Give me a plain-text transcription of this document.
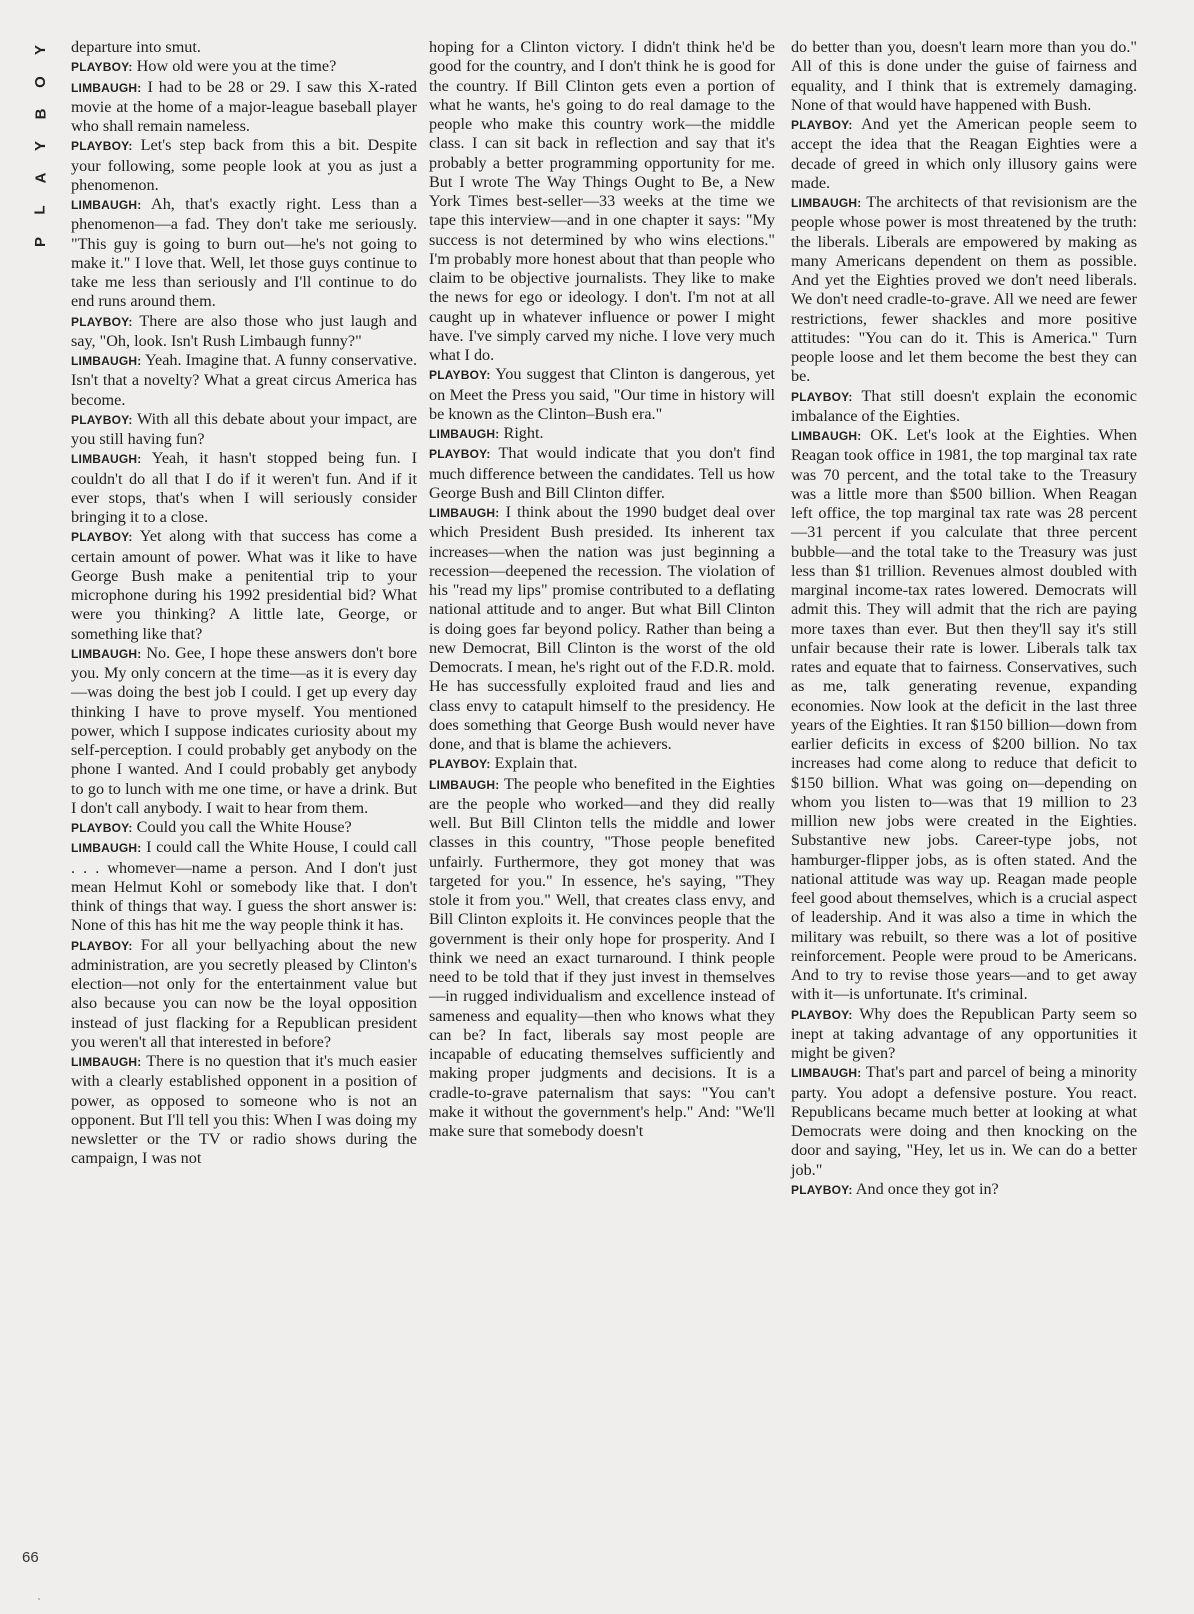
Y
O
B
Y
A
L
P
66

departure into smut.

PLAYBOY: How old were you at the time?

LIMBAUGH: I had to be 28 or 29. I saw this X-rated movie at the home of a major-league baseball player who shall remain nameless.

PLAYBOY: Let's step back from this a bit. Despite your following, some people look at you as just a phenomenon.

LIMBAUGH: Ah, that's exactly right. Less than a phenomenon—a fad. They don't take me seriously. "This guy is going to burn out—he's not going to make it." I love that. Well, let those guys continue to take me less than seriously and I'll continue to do end runs around them.

PLAYBOY: There are also those who just laugh and say, "Oh, look. Isn't Rush Limbaugh funny?"

LIMBAUGH: Yeah. Imagine that. A funny conservative. Isn't that a novelty? What a great circus America has become.

PLAYBOY: With all this debate about your impact, are you still having fun?

LIMBAUGH: Yeah, it hasn't stopped being fun. I couldn't do all that I do if it weren't fun. And if it ever stops, that's when I will seriously consider bringing it to a close.

PLAYBOY: Yet along with that success has come a certain amount of power. What was it like to have George Bush make a penitential trip to your microphone during his 1992 presidential bid? What were you thinking? A little late, George, or something like that?

LIMBAUGH: No. Gee, I hope these answers don't bore you. My only concern at the time—as it is every day—was doing the best job I could. I get up every day thinking I have to prove myself. You mentioned power, which I suppose indicates curiosity about my self-perception. I could probably get anybody on the phone I wanted. And I could probably get anybody to go to lunch with me one time, or have a drink. But I don't call anybody. I wait to hear from them.

PLAYBOY: Could you call the White House?

LIMBAUGH: I could call the White House, I could call . . . whomever—name a person. And I don't just mean Helmut Kohl or somebody like that. I don't think of things that way. I guess the short answer is: None of this has hit me the way people think it has.

PLAYBOY: For all your bellyaching about the new administration, are you secretly pleased by Clinton's election—not only for the entertainment value but also because you can now be the loyal opposition instead of just flacking for a Republican president you weren't all that interested in before?

LIMBAUGH: There is no question that it's much easier with a clearly established opponent in a position of power, as opposed to someone who is not an opponent. But I'll tell you this: When I was doing my newsletter or the TV or radio shows during the campaign, I was not

hoping for a Clinton victory. I didn't think he'd be good for the country, and I don't think he is good for the country. If Bill Clinton gets even a portion of what he wants, he's going to do real damage to the people who make this country work—the middle class. I can sit back in reflection and say that it's probably a better programming opportunity for me. But I wrote The Way Things Ought to Be, a New York Times best-seller—33 weeks at the time we tape this interview—and in one chapter it says: "My success is not determined by who wins elections." I'm probably more honest about that than people who claim to be objective journalists. They like to make the news for ego or ideology. I don't. I'm not at all caught up in whatever influence or power I might have. I've simply carved my niche. I love very much what I do.

PLAYBOY: You suggest that Clinton is dangerous, yet on Meet the Press you said, "Our time in history will be known as the Clinton–Bush era."

LIMBAUGH: Right.

PLAYBOY: That would indicate that you don't find much difference between the candidates. Tell us how George Bush and Bill Clinton differ.

LIMBAUGH: I think about the 1990 budget deal over which President Bush presided. Its inherent tax increases—when the nation was just beginning a recession—deepened the recession. The violation of his "read my lips" promise contributed to a deflating national attitude and to anger. But what Bill Clinton is doing goes far beyond policy. Rather than being a new Democrat, Bill Clinton is the worst of the old Democrats. I mean, he's right out of the F.D.R. mold. He has successfully exploited fraud and lies and class envy to catapult himself to the presidency. He does something that George Bush would never have done, and that is blame the achievers.

PLAYBOY: Explain that.

LIMBAUGH: The people who benefited in the Eighties are the people who worked—and they did really well. But Bill Clinton tells the middle and lower classes in this country, "Those people benefited unfairly. Furthermore, they got money that was targeted for you." In essence, he's saying, "They stole it from you." Well, that creates class envy, and Bill Clinton exploits it. He convinces people that the government is their only hope for prosperity. And I think we need an exact turnaround. I think people need to be told that if they just invest in themselves—in rugged individualism and excellence instead of sameness and equality—then who knows what they can be? In fact, liberals say most people are incapable of educating themselves sufficiently and making proper judgments and decisions. It is a cradle-to-grave paternalism that says: "You can't make it without the government's help." And: "We'll make sure that somebody doesn't

do better than you, doesn't learn more than you do." All of this is done under the guise of fairness and equality, and I think that is extremely damaging. None of that would have happened with Bush.

PLAYBOY: And yet the American people seem to accept the idea that the Reagan Eighties were a decade of greed in which only illusory gains were made.

LIMBAUGH: The architects of that revisionism are the people whose power is most threatened by the truth: the liberals. Liberals are empowered by making as many Americans dependent on them as possible. And yet the Eighties proved we don't need liberals. We don't need cradle-to-grave. All we need are fewer restrictions, fewer shackles and more positive attitudes: "You can do it. This is America." Turn people loose and let them become the best they can be.

PLAYBOY: That still doesn't explain the economic imbalance of the Eighties.

LIMBAUGH: OK. Let's look at the Eighties. When Reagan took office in 1981, the top marginal tax rate was 70 percent, and the total take to the Treasury was a little more than $500 billion. When Reagan left office, the top marginal tax rate was 28 percent—31 percent if you calculate that three percent bubble—and the total take to the Treasury was just less than $1 trillion. Revenues almost doubled with marginal income-tax rates lowered. Democrats will admit this. They will admit that the rich are paying more taxes than ever. But then they'll say it's still unfair because their rate is lower. Liberals talk tax rates and equate that to fairness. Conservatives, such as me, talk generating revenue, expanding economies. Now look at the deficit in the last three years of the Eighties. It ran $150 billion—down from earlier deficits in excess of $200 billion. No tax increases had come along to reduce that deficit to $150 billion. What was going on—depending on whom you listen to—was that 19 million to 23 million new jobs were created in the Eighties. Substantive new jobs. Career-type jobs, not hamburger-flipper jobs, as is often stated. And the national attitude was way up. Reagan made people feel good about themselves, which is a crucial aspect of leadership. And it was also a time in which the military was rebuilt, so there was a lot of positive reinforcement. People were proud to be Americans. And to try to revise those years—and to get away with it—is unfortunate. It's criminal.

PLAYBOY: Why does the Republican Party seem so inept at taking advantage of any opportunities it might be given?

LIMBAUGH: That's part and parcel of being a minority party. You adopt a defensive posture. You react. Republicans became much better at looking at what Democrats were doing and then knocking on the door and saying, "Hey, let us in. We can do a better job."

PLAYBOY: And once they got in?
